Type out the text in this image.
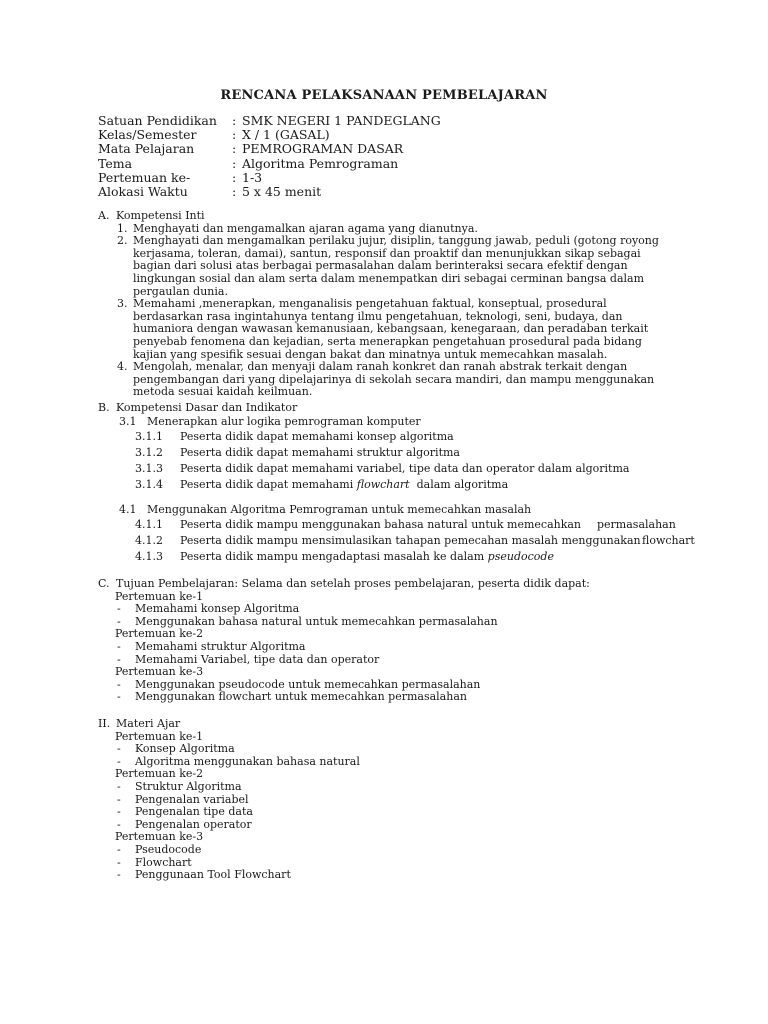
RENCANA PELAKSANAAN PEMBELAJARAN
Satuan Pendidikan : SMK NEGERI 1 PANDEGLANG
Kelas/Semester	: X / 1 (GASAL)
Mata Pelajaran	: PEMROGRAMAN DASAR
Tema	: Algoritma Pemrograman
Pertemuan ke-	: 1-3
Alokasi Waktu	: 5 x 45 menit
A. Kompetensi Inti
1. Menghayati dan mengamalkan ajaran agama yang dianutnya.
2. Menghayati dan mengamalkan perilaku jujur, disiplin, tanggung jawab, peduli (gotong royong kerjasama, toleran, damai), santun, responsif dan proaktif dan menunjukkan sikap sebagai bagian dari solusi atas berbagai permasalahan dalam berinteraksi secara efektif dengan lingkungan sosial dan alam serta dalam menempatkan diri sebagai cerminan bangsa dalam pergaulan dunia.
3. Memahami ,menerapkan, menganalisis pengetahuan faktual, konseptual, prosedural berdasarkan rasa ingintahunya tentang ilmu pengetahuan, teknologi, seni, budaya, dan humaniora dengan wawasan kemanusiaan, kebangsaan, kenegaraan, dan peradaban terkait penyebab fenomena dan kejadian, serta menerapkan pengetahuan prosedural pada bidang kajian yang spesifik sesuai dengan bakat dan minatnya untuk memecahkan masalah.
4. Mengolah, menalar, dan menyaji dalam ranah konkret dan ranah abstrak terkait dengan pengembangan dari yang dipelajarinya di sekolah secara mandiri, dan mampu menggunakan metoda sesuai kaidah keilmuan.
B. Kompetensi Dasar dan Indikator
3.1 Menerapkan alur logika pemrograman komputer
3.1.1 Peserta didik dapat memahami konsep algoritma
3.1.2 Peserta didik dapat memahami struktur algoritma
3.1.3 Peserta didik dapat memahami variabel, tipe data dan operator dalam algoritma
3.1.4 Peserta didik dapat memahami flowchart dalam algoritma
4.1 Menggunakan Algoritma Pemrograman untuk memecahkan masalah
4.1.1 Peserta didik mampu menggunakan bahasa natural untuk memecahkan permasalahan
4.1.2 Peserta didik mampu mensimulasikan tahapan pemecahan masalah menggunakan flowchart
4.1.3 Peserta didik mampu mengadaptasi masalah ke dalam pseudocode
C. Tujuan Pembelajaran: Selama dan setelah proses pembelajaran, peserta didik dapat:
Pertemuan ke-1
- Memahami konsep Algoritma
- Menggunakan bahasa natural untuk memecahkan permasalahan
Pertemuan ke-2
- Memahami struktur Algoritma
- Memahami Variabel, tipe data dan operator
Pertemuan ke-3
- Menggunakan pseudocode untuk memecahkan permasalahan
- Menggunakan flowchart untuk memecahkan permasalahan
II. Materi Ajar
Pertemuan ke-1
- Konsep Algoritma
- Algoritma menggunakan bahasa natural
Pertemuan ke-2
- Struktur Algoritma
- Pengenalan variabel
- Pengenalan tipe data
- Pengenalan operator
Pertemuan ke-3
- Pseudocode
- Flowchart
- Penggunaan Tool Flowchart
